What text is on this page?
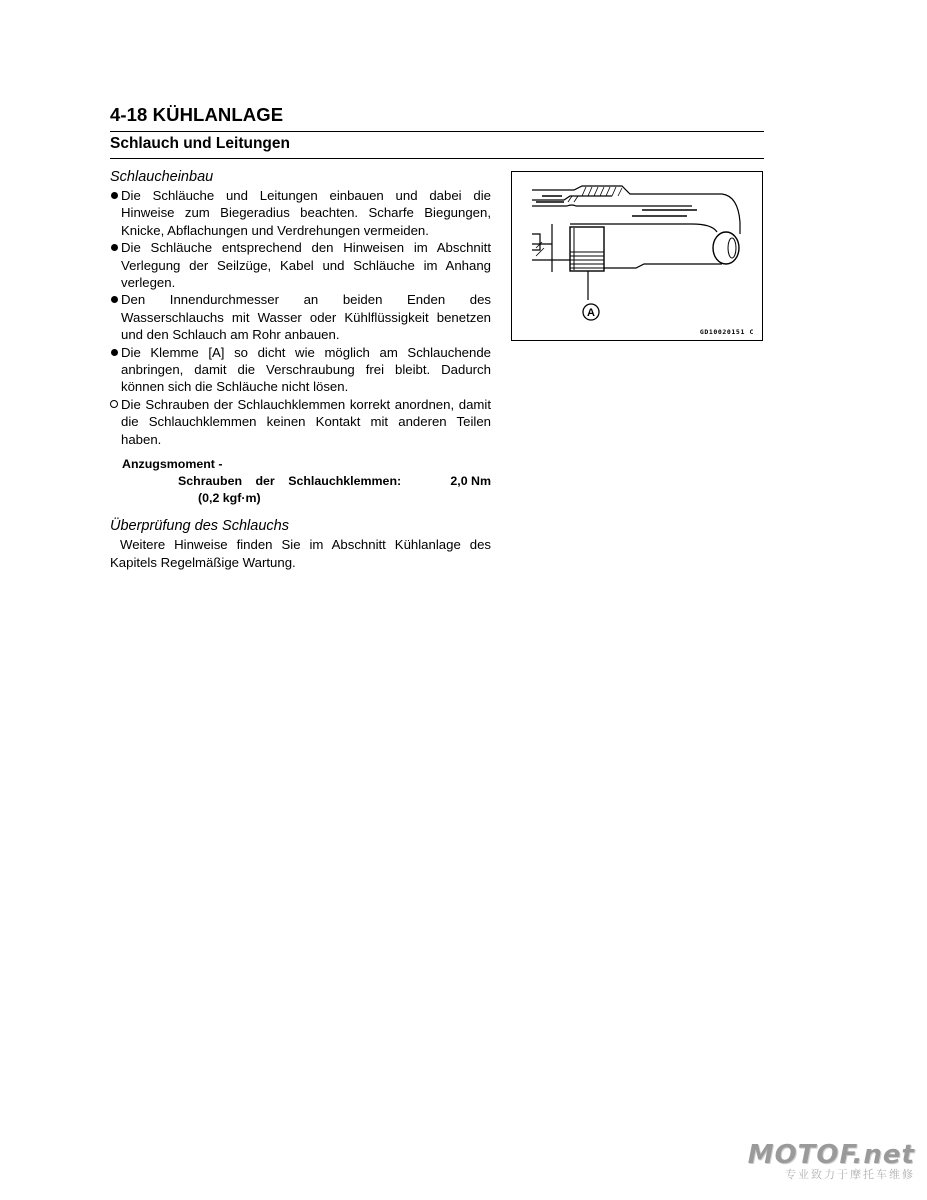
4-18 KÜHLANLAGE
Schlauch und Leitungen

Schlaucheinbau

Die Schläuche und Leitungen einbauen und dabei die Hinweise zum Biegeradius beachten. Scharfe Biegungen, Knicke, Abflachungen und Verdrehungen vermeiden.
Die Schläuche entsprechend den Hinweisen im Abschnitt Verlegung der Seilzüge, Kabel und Schläuche im Anhang verlegen.
Den Innendurchmesser an beiden Enden des Wasserschlauchs mit Wasser oder Kühlflüssigkeit benetzen und den Schlauch am Rohr anbauen.
Die Klemme [A] so dicht wie möglich am Schlauchende anbringen, damit die Verschraubung frei bleibt. Dadurch können sich die Schläuche nicht lösen.
Die Schrauben der Schlauchklemmen korrekt anordnen, damit die Schlauchklemmen keinen Kontakt mit anderen Teilen haben.
Anzugsmoment -
Schrauben der Schlauchklemmen:	2,0 Nm
(0,2 kgf·m)

Überprüfung des Schlauchs

Weitere Hinweise finden Sie im Abschnitt Kühlanlage des Kapitels Regelmäßige Wartung.
A
GD10020151 C
MOTOF.net
专业致力于摩托车维修
